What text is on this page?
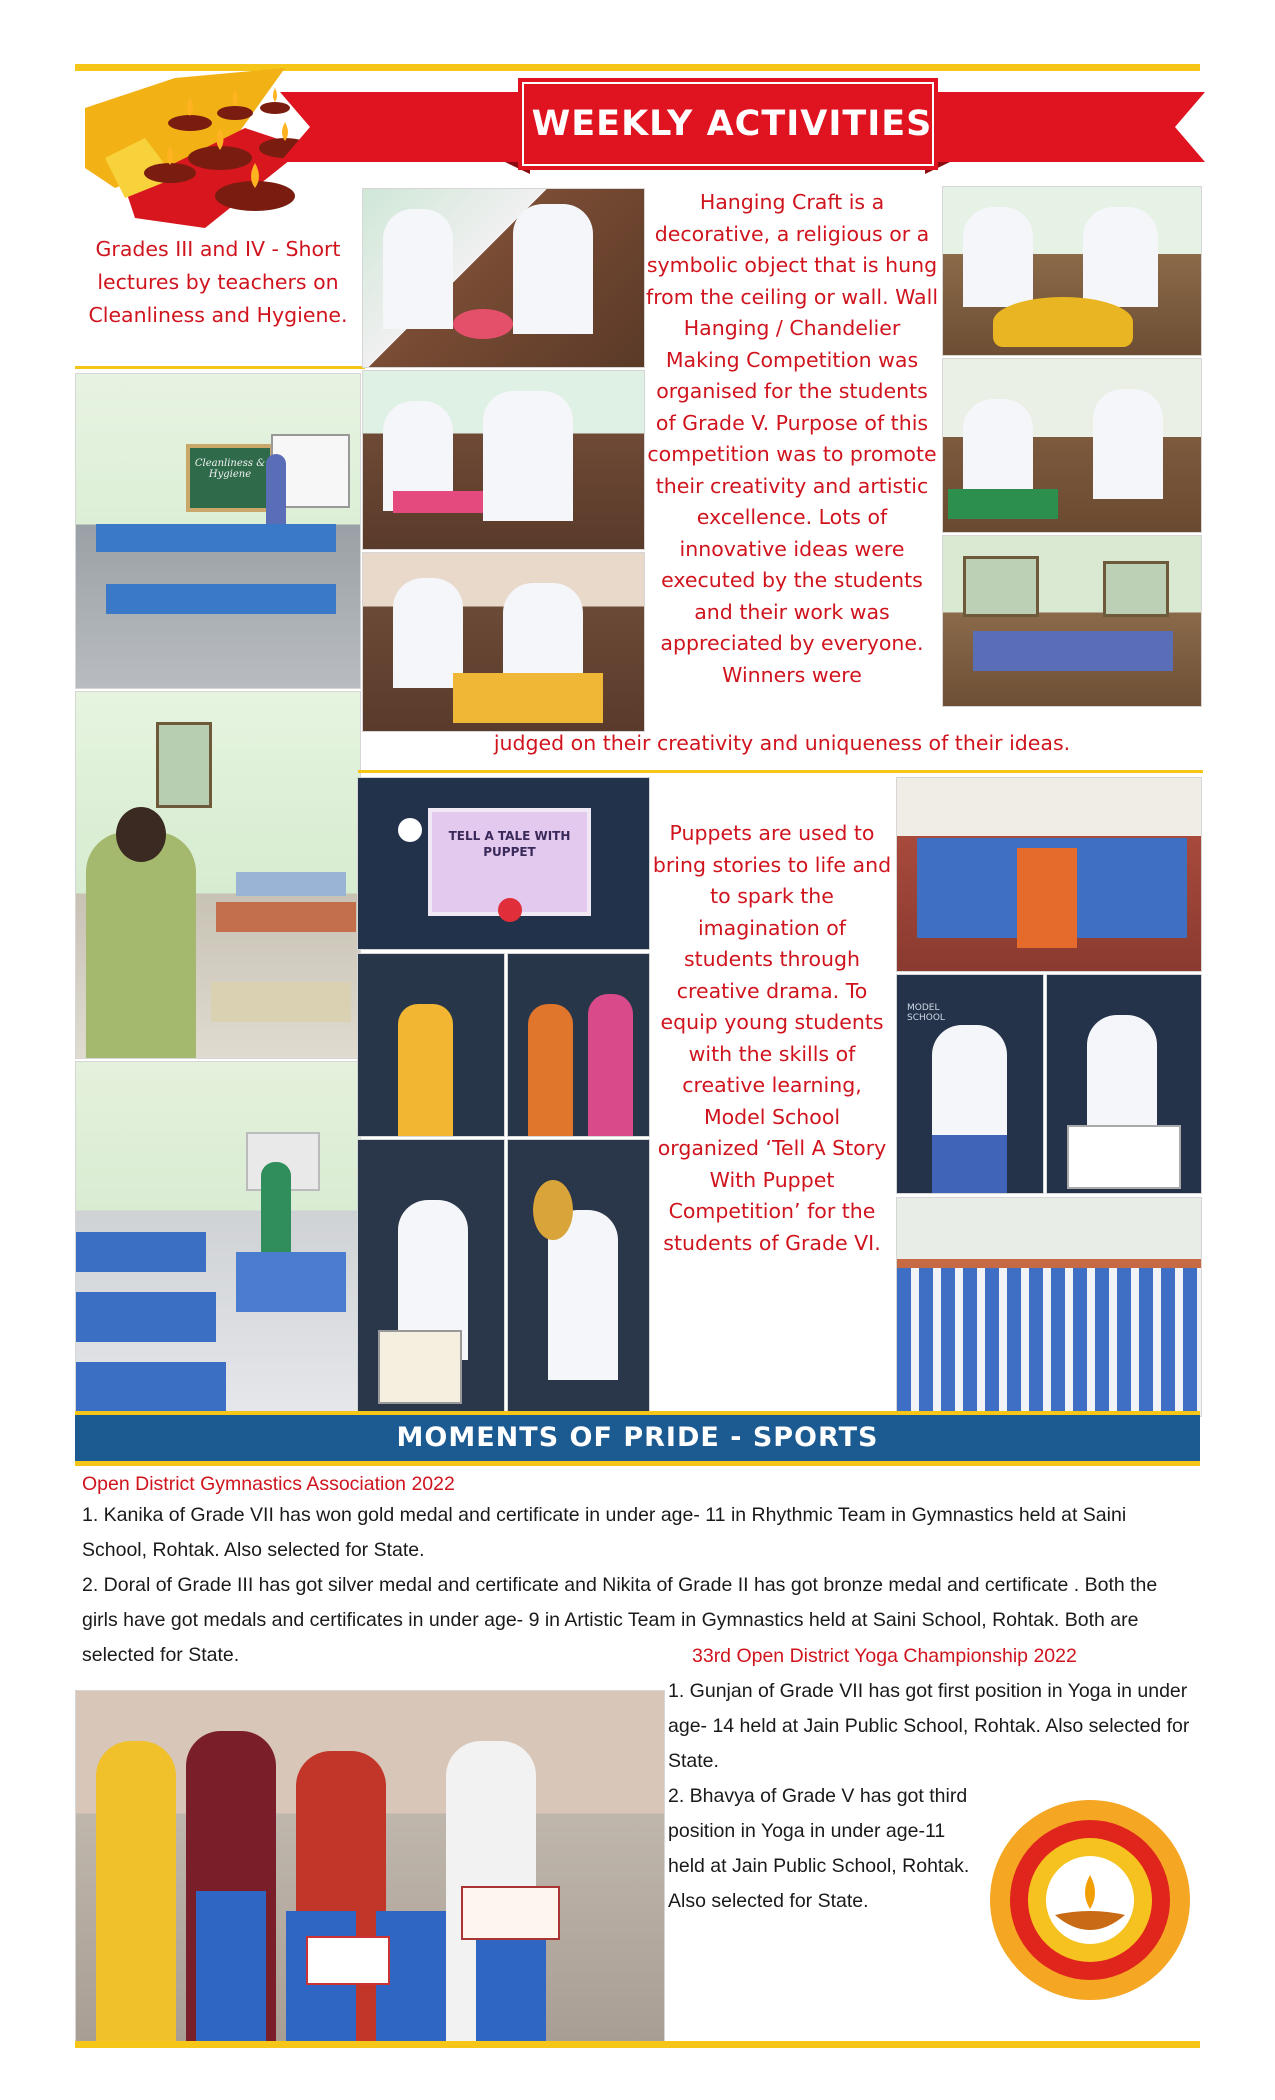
WEEKLY ACTIVITIES
Grades III and IV - Short lectures by teachers on Cleanliness and Hygiene.
Cleanliness & Hygiene
Hanging Craft is a decorative, a religious or a symbolic object that is hung from the ceiling or wall. Wall Hanging / Chandelier Making Competition was organised for the students of Grade V. Purpose of this competition was to promote their creativity and artistic excellence. Lots of innovative ideas were executed by the students and their work was appreciated by everyone. Winners were
judged on their creativity and uniqueness of their ideas.
TELL A TALE WITH PUPPET
Puppets are used to bring stories to life and to spark the imagination of students through creative drama. To equip young students with the skills of creative learning, Model School organized ‘Tell A Story With Puppet Competition’ for the students of Grade VI.
MODEL SCHOOL
MOMENTS OF PRIDE - SPORTS
Open District Gymnastics Association 2022
1. Kanika of Grade VII has won gold medal and certificate in under age- 11 in Rhythmic Team in Gymnastics held at Saini School, Rohtak. Also selected for State.
2. Doral of Grade III has got silver medal and certificate and Nikita of Grade II has got bronze medal and certificate . Both the girls have got medals and certificates in under age- 9 in Artistic Team in Gymnastics held at Saini School, Rohtak. Both are selected for State.	33rd Open District Yoga Championship 2022
1. Gunjan of Grade VII has got first position in Yoga in under age- 14 held at Jain Public School, Rohtak. Also selected for State.
2. Bhavya of Grade V has got third position in Yoga in under age-11 held at Jain Public School, Rohtak. Also selected for State.
